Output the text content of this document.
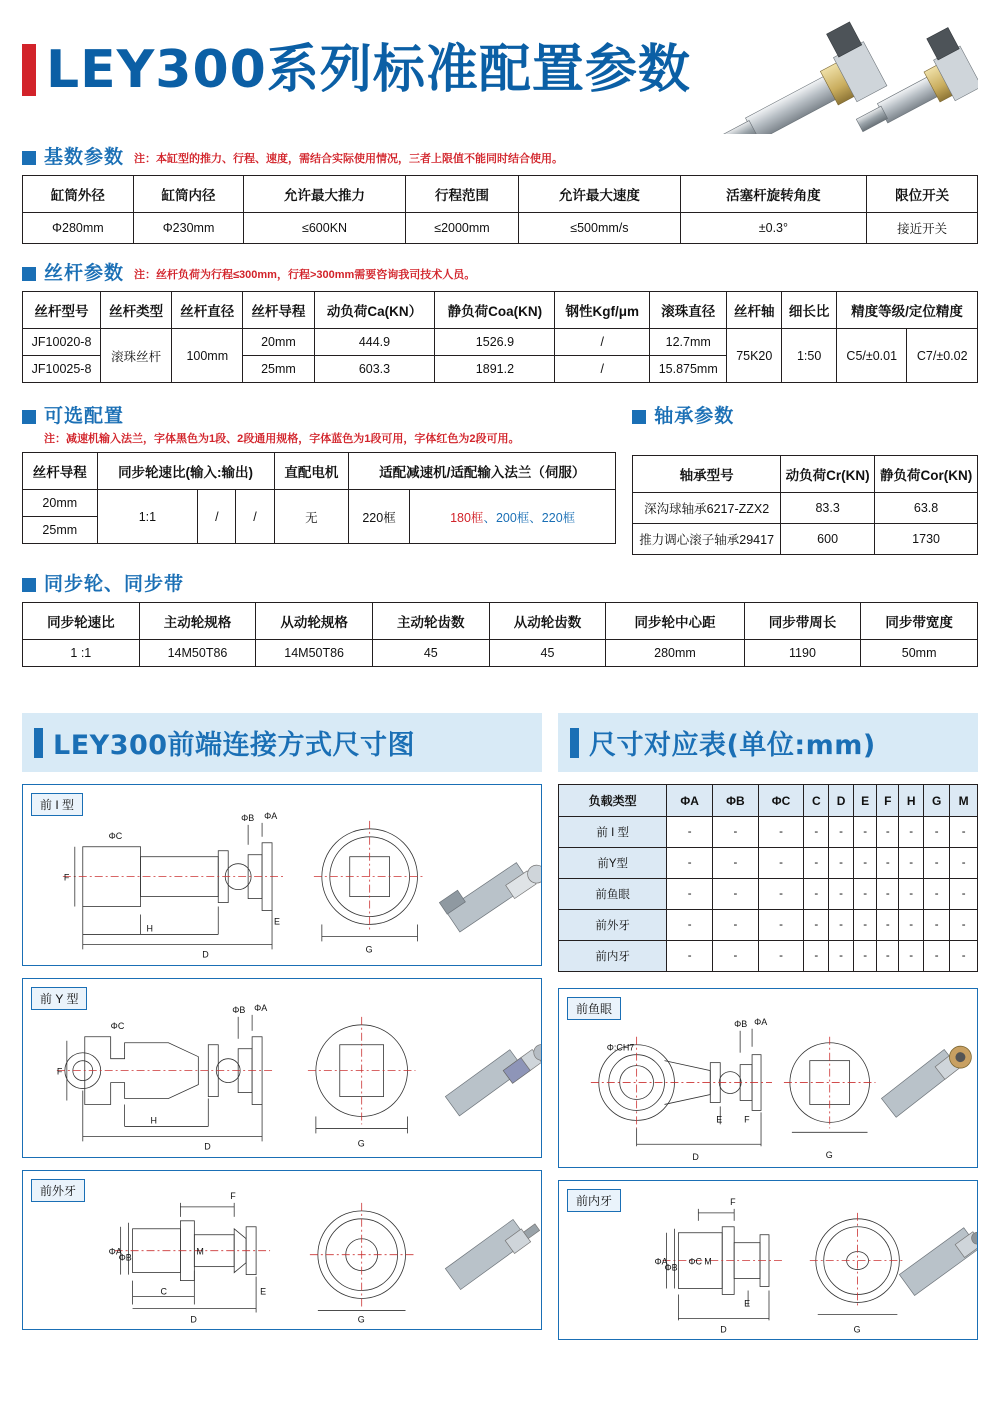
LEY300系列标准配置参数
基数参数 注：本缸型的推力、行程、速度，需结合实际使用情况，三者上限值不能同时结合使用。
缸筒外径	缸筒内径	允许最大推力	行程范围	允许最大速度	活塞杆旋转角度	限位开关
Φ280mm	Φ230mm	≤600KN	≤2000mm	≤500mm/s	±0.3°	接近开关
丝杆参数 注：丝杆负荷为行程≤300mm，行程>300mm需要咨询我司技术人员。
丝杆型号	丝杆类型	丝杆直径	丝杆导程	动负荷Ca(KN）	静负荷Coa(KN)	钢性Kgf/μm	滚珠直径	丝杆轴	细长比	精度等级/定位精度	
JF10020-8	滚珠丝杆	100mm	20mm	444.9	1526.9	/	12.7mm	75K20	1:50	C5/±0.01	C7/±0.02
JF10025-8			25mm	603.3	1891.2	/	15.875mm				
可选配置
注：减速机输入法兰，字体黑色为1段、2段通用规格，字体蓝色为1段可用，字体红色为2段可用。
丝杆导程	同步轮速比(输入:输出)			直配电机	适配减速机/适配输入法兰（伺服）	
20mm	1:1	/	/	无	220框	180框、200框、220框
25mm						
轴承参数
轴承型号	动负荷Cr(KN)	静负荷Cor(KN)
深沟球轴承6217-ZZX2	83.3	63.8
推力调心滚子轴承29417	600	1730
同步轮、同步带
同步轮速比	主动轮规格	从动轮规格	主动轮齿数	从动轮齿数	同步轮中心距	同步带周长	同步带宽度
1 :1	14M50T86	14M50T86	45	45	280mm	1190	50mm
LEY300前端连接方式尺寸图
前 I 型
ΦC
ΦB ΦA
F
H
E
D	G
前 Y 型
ΦC
ΦB ΦA
F
H
D	G
前外牙	F
ΦA
ΦB
M
C
D
E
G
尺寸对应表(单位:mm)
负载类型	ΦA	ΦB	ΦC	C	D	E	F	H	G	M
前 I 型	-	-	-	-	-	-	-	-	-	-
前Y型	-	-	-	-	-	-	-	-	-	-
前鱼眼	-	-	-	-	-	-	-	-	-	-
前外牙	-	-	-	-	-	-	-	-	-	-
前内牙	-	-	-	-	-	-	-	-	-	-
前鱼眼
Φ:CH7
ΦB ΦA
E F
D	G
前内牙	F
ΦA
ΦB
ΦC M
E
D	G
